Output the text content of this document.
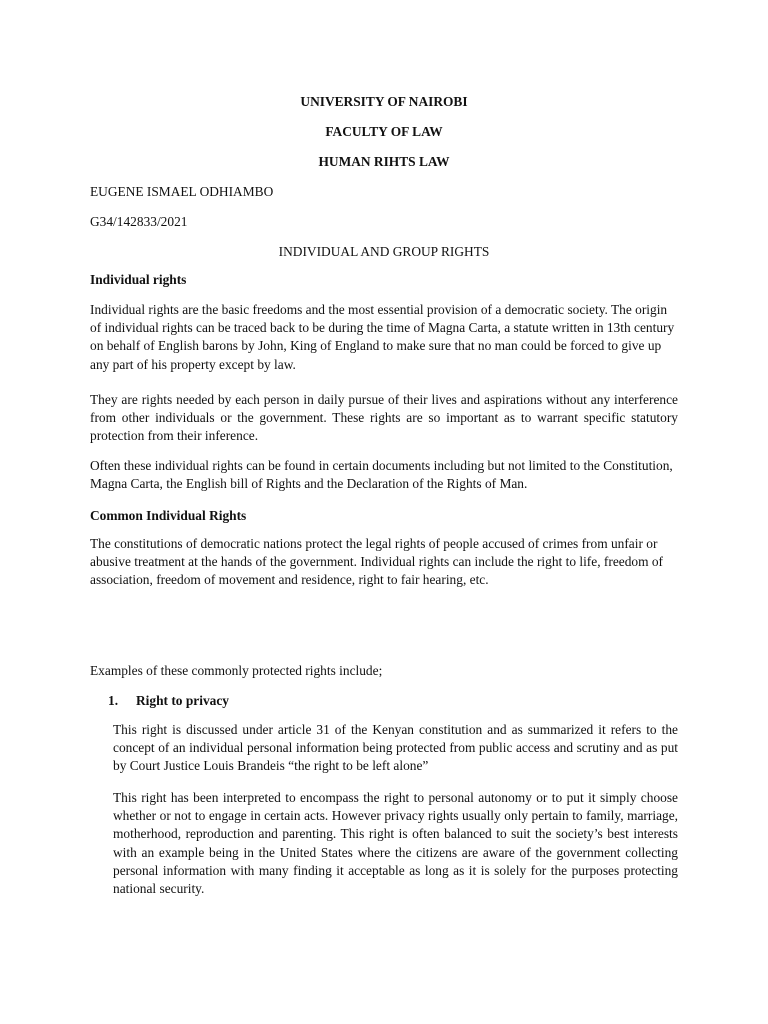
UNIVERSITY OF NAIROBI
FACULTY OF LAW
HUMAN RIHTS LAW
EUGENE ISMAEL ODHIAMBO
G34/142833/2021
INDIVIDUAL AND GROUP RIGHTS
Individual rights

Individual rights are the basic freedoms and the most essential provision of a democratic society. The origin of individual rights can be traced back to be during the time of Magna Carta, a statute written in 13th century on behalf of English barons by John, King of England to make sure that no man could be forced to give up any part of his property except by law.

They are rights needed by each person in daily pursue of their lives and aspirations without any interference from other individuals or the government. These rights are so important as to warrant specific statutory protection from their inference.

Often these individual rights can be found in certain documents including but not limited to the Constitution, Magna Carta, the English bill of Rights and the Declaration of the Rights of Man.

Common Individual Rights

The constitutions of democratic nations protect the legal rights of people accused of crimes from unfair or abusive treatment at the hands of the government. Individual rights can include the right to life, freedom of association, freedom of movement and residence, right to fair hearing, etc.

Examples of these commonly protected rights include;
1. Right to privacy

This right is discussed under article 31 of the Kenyan constitution and as summarized it refers to the concept of an individual personal information being protected from public access and scrutiny and as put by Court Justice Louis Brandeis “the right to be left alone”

This right has been interpreted to encompass the right to personal autonomy or to put it simply choose whether or not to engage in certain acts. However privacy rights usually only pertain to family, marriage, motherhood, reproduction and parenting. This right is often balanced to suit the society’s best interests with an example being in the United States where the citizens are aware of the government collecting personal information with many finding it acceptable as long as it is solely for the purposes protecting national security.
